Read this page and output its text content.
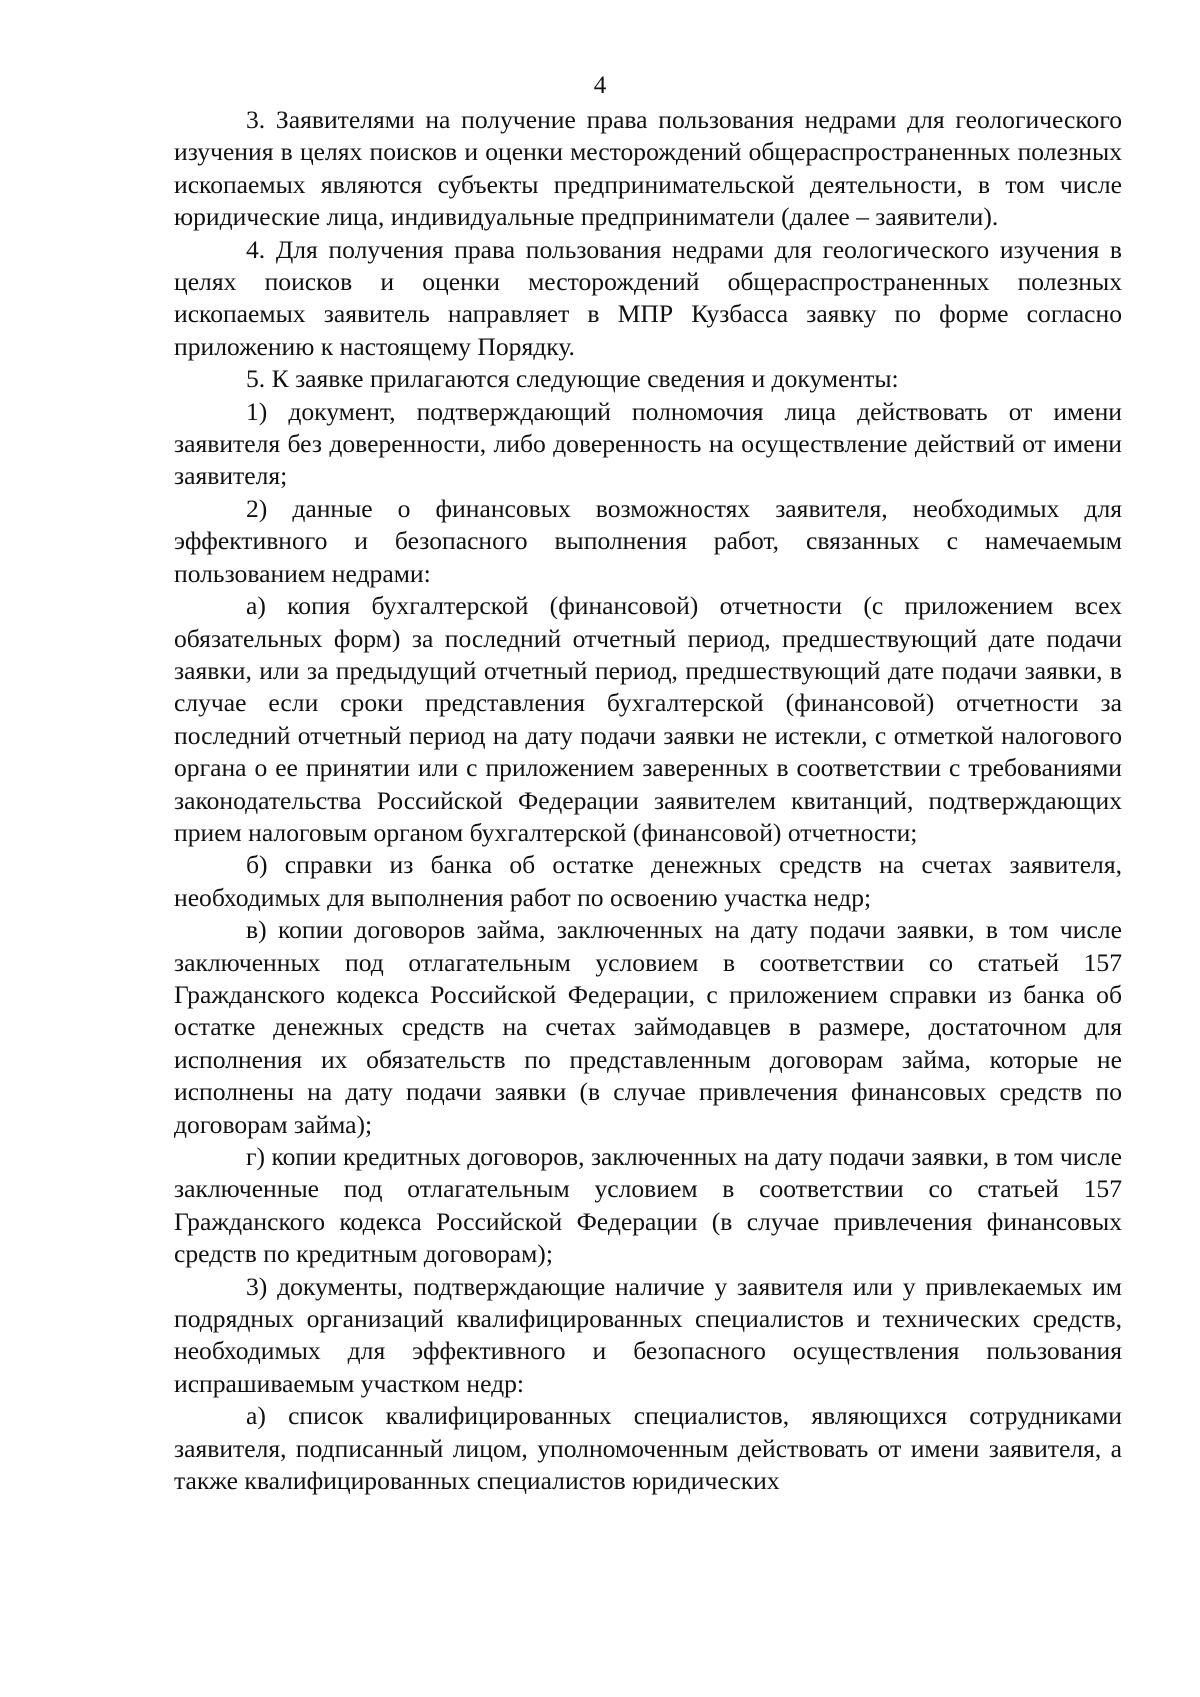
4

3. Заявителями на получение права пользования недрами для геологического изучения в целях поисков и оценки месторождений общераспространенных полезных ископаемых являются субъекты предпринимательской деятельности, в том числе юридические лица, индивидуальные предприниматели (далее – заявители).

4. Для получения права пользования недрами для геологического изучения в целях поисков и оценки месторождений общераспространенных полезных ископаемых заявитель направляет в МПР Кузбасса заявку по форме согласно приложению к настоящему Порядку.

5. К заявке прилагаются следующие сведения и документы:

1) документ, подтверждающий полномочия лица действовать от имени заявителя без доверенности, либо доверенность на осуществление действий от имени заявителя;

2) данные о финансовых возможностях заявителя, необходимых для эффективного и безопасного выполнения работ, связанных с намечаемым пользованием недрами:

а) копия бухгалтерской (финансовой) отчетности (с приложением всех обязательных форм) за последний отчетный период, предшествующий дате подачи заявки, или за предыдущий отчетный период, предшествующий дате подачи заявки, в случае если сроки представления бухгалтерской (финансовой) отчетности за последний отчетный период на дату подачи заявки не истекли, с отметкой налогового органа о ее принятии или с приложением заверенных в соответствии с требованиями законодательства Российской Федерации заявителем квитанций, подтверждающих прием налоговым органом бухгалтерской (финансовой) отчетности;

б) справки из банка об остатке денежных средств на счетах заявителя, необходимых для выполнения работ по освоению участка недр;

в) копии договоров займа, заключенных на дату подачи заявки, в том числе заключенных под отлагательным условием в соответствии со статьей 157 Гражданского кодекса Российской Федерации, с приложением справки из банка об остатке денежных средств на счетах займодавцев в размере, достаточном для исполнения их обязательств по представленным договорам займа, которые не исполнены на дату подачи заявки (в случае привлечения финансовых средств по договорам займа);

г) копии кредитных договоров, заключенных на дату подачи заявки, в том числе заключенные под отлагательным условием в соответствии со статьей 157 Гражданского кодекса Российской Федерации (в случае привлечения финансовых средств по кредитным договорам);

3) документы, подтверждающие наличие у заявителя или у привлекаемых им подрядных организаций квалифицированных специалистов и технических средств, необходимых для эффективного и безопасного осуществления пользования испрашиваемым участком недр:

а) список квалифицированных специалистов, являющихся сотрудниками заявителя, подписанный лицом, уполномоченным действовать от имени заявителя, а также квалифицированных специалистов юридических
